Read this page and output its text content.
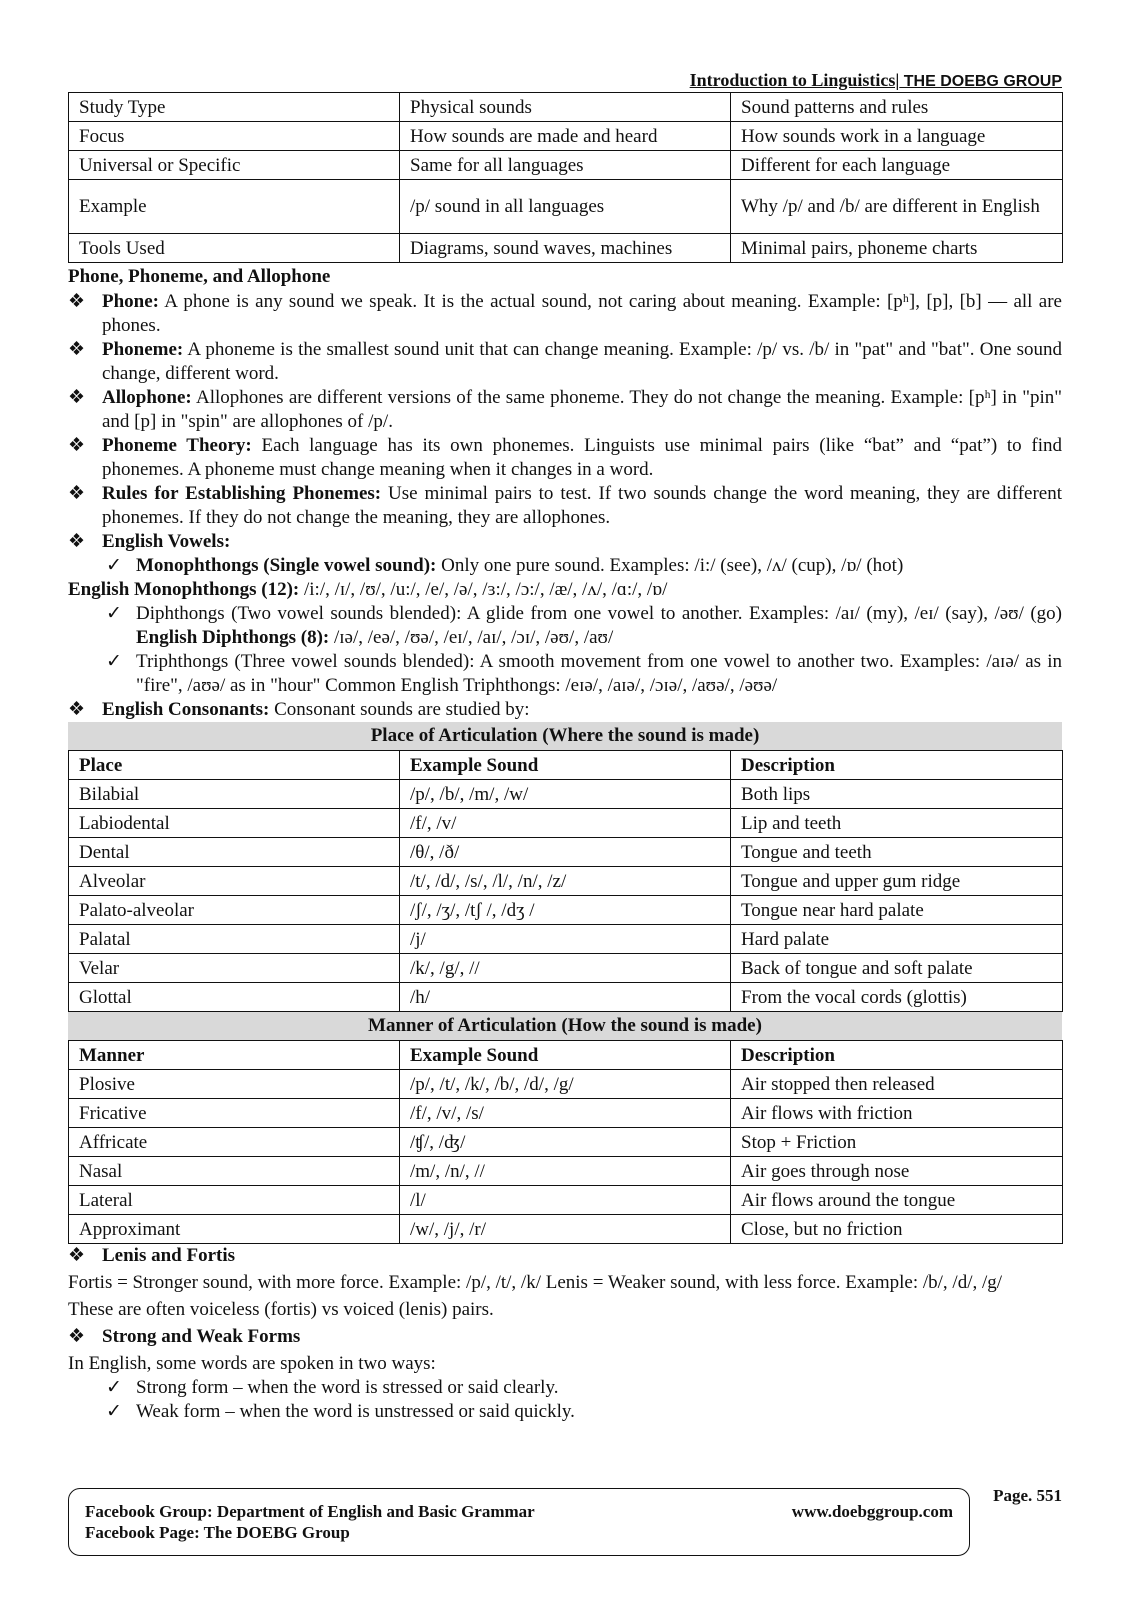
Introduction to Linguistics| THE DOEBG GROUP
Study Type	Physical sounds	Sound patterns and rules
Focus	How sounds are made and heard	How sounds work in a language
Universal or Specific	Same for all languages	Different for each language
Example	/p/ sound in all languages	Why /p/ and /b/ are different in English
Tools Used	Diagrams, sound waves, machines	Minimal pairs, phoneme charts
Phone, Phoneme, and Allophone
❖ Phone: A phone is any sound we speak. It is the actual sound, not caring about meaning. Example: [pʰ], [p], [b] — all are phones.
❖ Phoneme: A phoneme is the smallest sound unit that can change meaning. Example: /p/ vs. /b/ in "pat" and "bat". One sound change, different word.
❖ Allophone: Allophones are different versions of the same phoneme. They do not change the meaning. Example: [pʰ] in "pin" and [p] in "spin" are allophones of /p/.
❖ Phoneme Theory: Each language has its own phonemes. Linguists use minimal pairs (like “bat” and “pat”) to find phonemes. A phoneme must change meaning when it changes in a word.
❖ Rules for Establishing Phonemes: Use minimal pairs to test. If two sounds change the word meaning, they are different phonemes. If they do not change the meaning, they are allophones.
❖ English Vowels:
✓ Monophthongs (Single vowel sound): Only one pure sound. Examples: /i:/ (see), /ʌ/ (cup), /ɒ/ (hot)
English Monophthongs (12): /i:/, /ɪ/, /ʊ/, /u:/, /e/, /ə/, /ɜ:/, /ɔ:/, /æ/, /ʌ/, /ɑ:/, /ɒ/
✓ Diphthongs (Two vowel sounds blended): A glide from one vowel to another. Examples: /aɪ/ (my), /eɪ/ (say), /əʊ/ (go) English Diphthongs (8): /ɪə/, /eə/, /ʊə/, /eɪ/, /aɪ/, /ɔɪ/, /əʊ/, /aʊ/
✓ Triphthongs (Three vowel sounds blended): A smooth movement from one vowel to another two. Examples: /aɪə/ as in "fire", /aʊə/ as in "hour" Common English Triphthongs: /eɪə/, /aɪə/, /ɔɪə/, /aʊə/, /əʊə/
❖ English Consonants: Consonant sounds are studied by:
Place of Articulation (Where the sound is made)
Place	Example Sound	Description
Bilabial	/p/, /b/, /m/, /w/	Both lips
Labiodental	/f/, /v/	Lip and teeth
Dental	/θ/, /ð/	Tongue and teeth
Alveolar	/t/, /d/, /s/, /l/, /n/, /z/	Tongue and upper gum ridge
Palato-alveolar	/ʃ/, /ʒ/, /tʃ /, /dʒ /	Tongue near hard palate
Palatal	/j/	Hard palate
Velar	/k/, /g/, //	Back of tongue and soft palate
Glottal	/h/	From the vocal cords (glottis)
Manner of Articulation (How the sound is made)
Manner	Example Sound	Description
Plosive	/p/, /t/, /k/, /b/, /d/, /g/	Air stopped then released
Fricative	/f/, /v/, /s/	Air flows with friction
Affricate	/ʧ/, /ʤ/	Stop + Friction
Nasal	/m/, /n/, //	Air goes through nose
Lateral	/l/	Air flows around the tongue
Approximant	/w/, /j/, /r/	Close, but no friction
❖ Lenis and Fortis
Fortis = Stronger sound, with more force. Example: /p/, /t/, /k/ Lenis = Weaker sound, with less force. Example: /b/, /d/, /g/
These are often voiceless (fortis) vs voiced (lenis) pairs.
❖ Strong and Weak Forms
In English, some words are spoken in two ways:
✓ Strong form – when the word is stressed or said clearly.
✓ Weak form – when the word is unstressed or said quickly.
Facebook Group: Department of English and Basic Grammar
Facebook Page: The DOEBG Group
www.doebggroup.com
Page. 551
